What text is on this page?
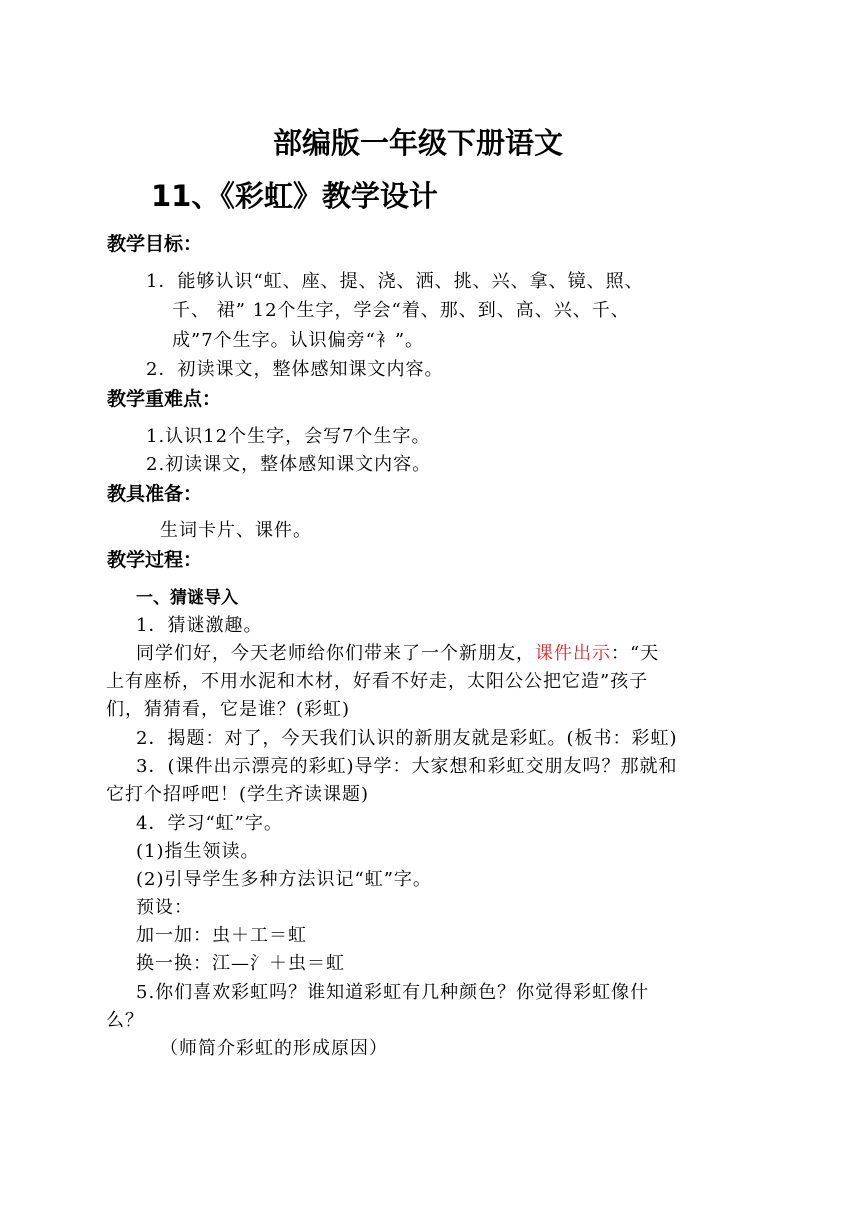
部编版一年级下册语文
11、《彩虹》教学设计
教学目标：
1．能够认识“虹、座、提、浇、洒、挑、兴、拿、镜、照、
千、 裙” 12个生字，学会“着、那、到、高、兴、千、
成”7个生字。认识偏旁“衤”。
2．初读课文，整体感知课文内容。
教学重难点：
1.认识12个生字，会写7个生字。
2.初读课文，整体感知课文内容。
教具准备：
生词卡片、课件。
教学过程：
一、猜谜导入
1．猜谜激趣。
同学们好，今天老师给你们带来了一个新朋友，课件出示：“天
上有座桥，不用水泥和木材，好看不好走，太阳公公把它造”孩子
们，猜猜看，它是谁？(彩虹)
2．揭题：对了，今天我们认识的新朋友就是彩虹。(板书：彩虹)
3．(课件出示漂亮的彩虹)导学：大家想和彩虹交朋友吗？那就和
它打个招呼吧！(学生齐读课题)
4．学习“虹”字。
(1)指生领读。
(2)引导学生多种方法识记“虹”字。
预设：
加一加：虫＋工＝虹
换一换：江—氵＋虫＝虹
5.你们喜欢彩虹吗？谁知道彩虹有几种颜色？你觉得彩虹像什
么？
（师简介彩虹的形成原因）
